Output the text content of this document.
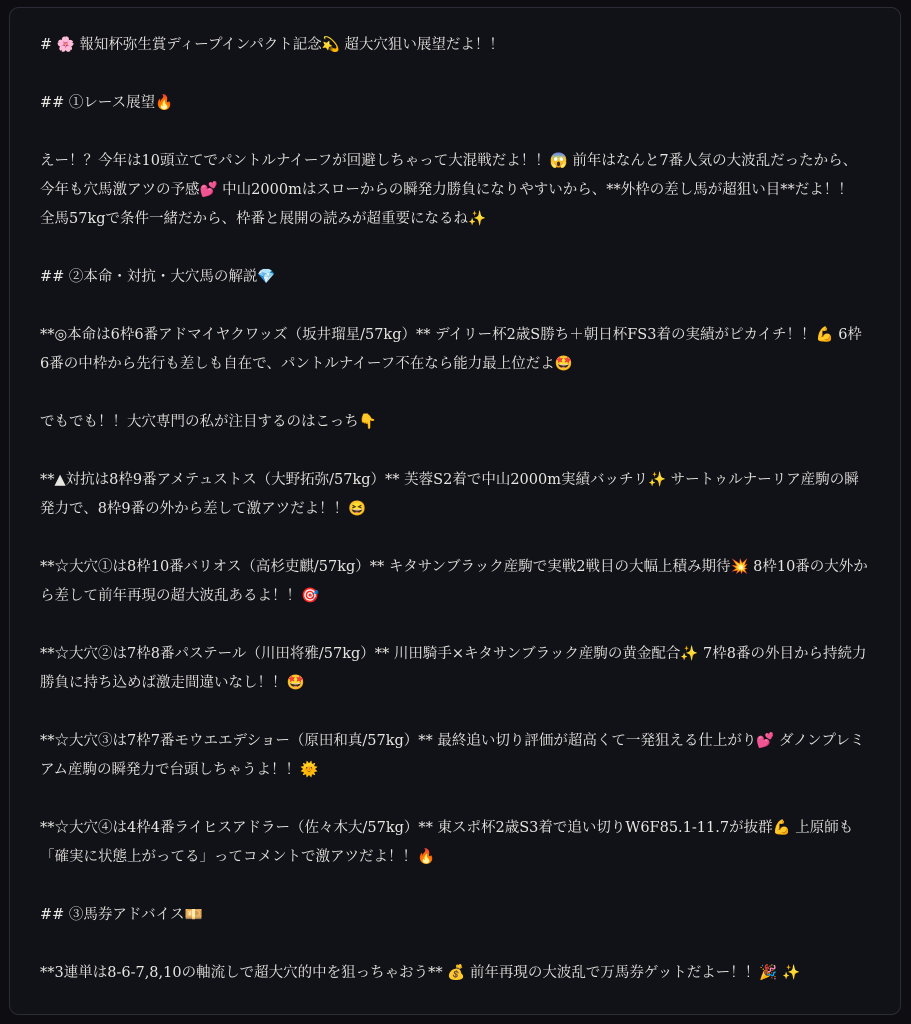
# 🌸 報知杯弥生賞ディープインパクト記念💫 超大穴狙い展望だよ！！
## ①レース展望🔥
えー！？今年は10頭立てでパントルナイーフが回避しちゃって大混戦だよ！！😱 前年はなんと7番人気の大波乱だったから、今年も穴馬激アツの予感💕 中山2000mはスローからの瞬発力勝負になりやすいから、**外枠の差し馬が超狙い目**だよ！！ 全馬57kgで条件一緒だから、枠番と展開の読みが超重要になるね✨
## ②本命・対抗・大穴馬の解説💎
**◎本命は6枠6番アドマイヤクワッズ（坂井瑠星/57kg）** デイリー杯2歳S勝ち＋朝日杯FS3着の実績がピカイチ！！💪 6枠6番の中枠から先行も差しも自在で、パントルナイーフ不在なら能力最上位だよ🤩
でもでも！！大穴専門の私が注目するのはこっち👇
**▲対抗は8枠9番アメテュストス（大野拓弥/57kg）** 芙蓉S2着で中山2000m実績バッチリ✨ サートゥルナーリア産駒の瞬発力で、8枠9番の外から差して激アツだよ！！😆
**☆大穴①は8枠10番バリオス（高杉吏麒/57kg）** キタサンブラック産駒で実戦2戦目の大幅上積み期待💥 8枠10番の大外から差して前年再現の超大波乱あるよ！！🎯
**☆大穴②は7枠8番パステール（川田将雅/57kg）** 川田騎手×キタサンブラック産駒の黄金配合✨ 7枠8番の外目から持続力勝負に持ち込めば激走間違いなし！！🤩
**☆大穴③は7枠7番モウエエデショー（原田和真/57kg）** 最終追い切り評価が超高くて一発狙える仕上がり💕 ダノンプレミアム産駒の瞬発力で台頭しちゃうよ！！🌞
**☆大穴④は4枠4番ライヒスアドラー（佐々木大/57kg）** 東スポ杯2歳S3着で追い切りW6F85.1-11.7が抜群💪 上原師も「確実に状態上がってる」ってコメントで激アツだよ！！🔥
## ③馬券アドバイス💴
**3連単は8-6-7,8,10の軸流しで超大穴的中を狙っちゃおう** 💰 前年再現の大波乱で万馬券ゲットだよー！！🎉 ✨
